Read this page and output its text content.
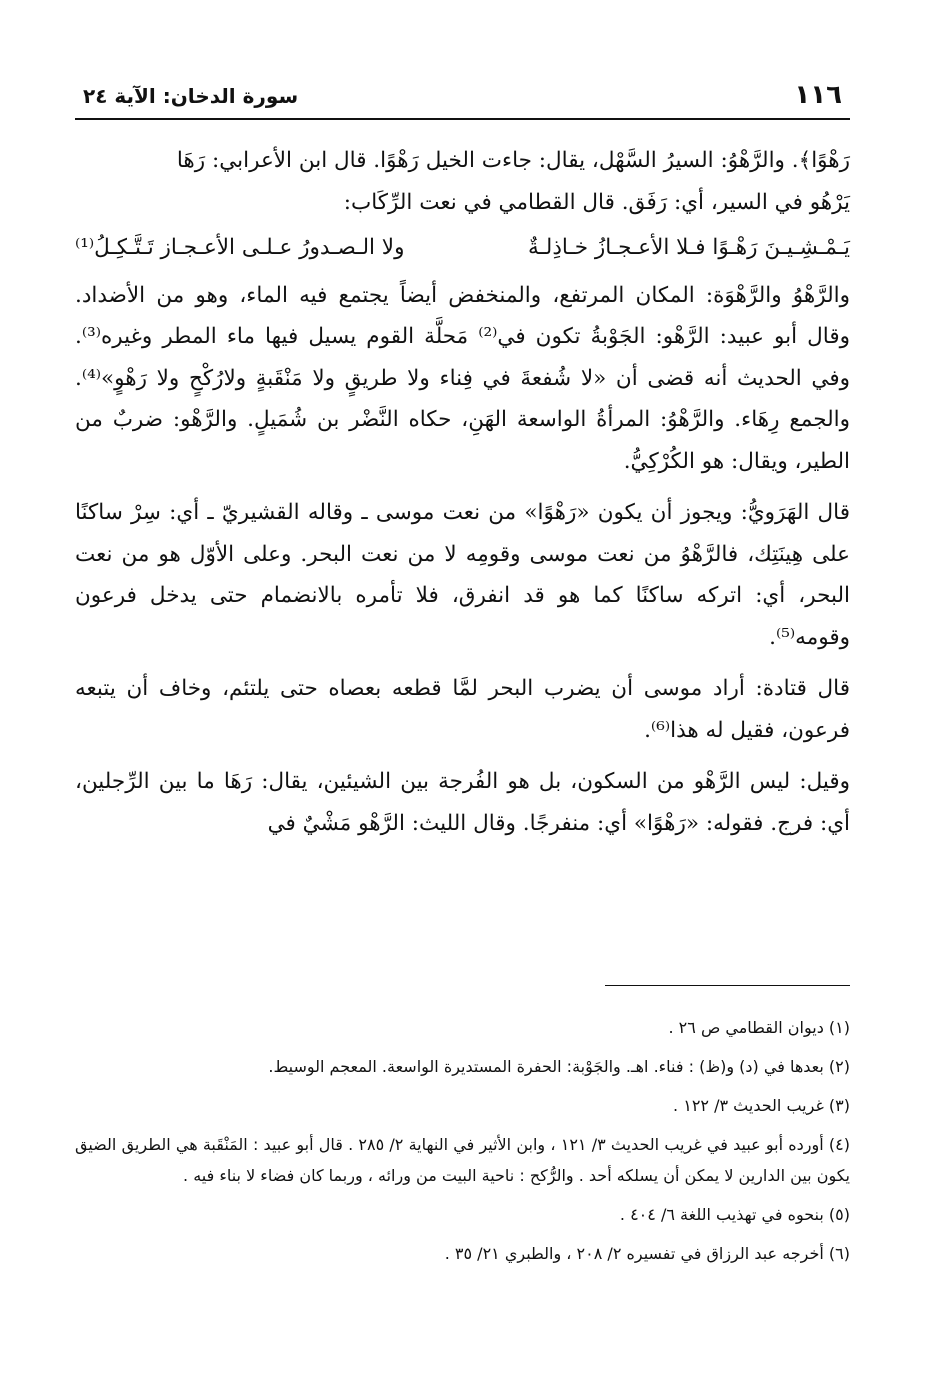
١١٦
سورة الدخان: الآية ٢٤

رَهْوًا﴾. والرَّهْوُ: السيرُ السَّهْل، يقال: جاءت الخيل رَهْوًا. قال ابن الأعرابي: رَهَا

يَرْهُو في السير، أي: رَفَق. قال القطامي في نعت الرِّكَاب:

يَـمْـشِـيـنَ رَهْـوًا فـلا الأعـجـازُ خـاذِلـةٌ
ولا الـصـدورُ عـلـى الأعـجـاز تَـتَّـكِـلُ⁽¹⁾

والرَّهْوُ والرَّهْوَة: المكان المرتفع، والمنخفض أيضاً يجتمع فيه الماء، وهو من الأضداد. وقال أبو عبيد: الرَّهْو: الجَوْبةُ تكون في⁽²⁾ مَحلَّة القوم يسيل فيها ماء المطر وغيره⁽³⁾. وفي الحديث أنه قضى أن «لا شُفعةَ في فِناء ولا طريقٍ ولا مَنْقَبةٍ ولارُكْحٍ ولا رَهْوٍ»⁽⁴⁾. والجمع رِهَاء. والرَّهْوُ: المرأةُ الواسعة الهَنِ، حكاه النَّضْر بن شُمَيلٍ. والرَّهْو: ضربٌ من الطير، ويقال: هو الكُرْكِيُّ.

قال الهَرَويُّ: ويجوز أن يكون «رَهْوًا» من نعت موسى ـ وقاله القشيريّ ـ أي: سِرْ ساكنًا على هِينَتِك، فالرَّهْوُ من نعت موسى وقومِه لا من نعت البحر. وعلى الأوّل هو من نعت البحر، أي: اتركه ساكنًا كما هو قد انفرق، فلا تأمره بالانضمام حتى يدخل فرعون وقومه⁽⁵⁾.

قال قتادة: أراد موسى أن يضرب البحر لمَّا قطعه بعصاه حتى يلتئم، وخاف أن يتبعه فرعون، فقيل له هذا⁽⁶⁾.

وقيل: ليس الرَّهْو من السكون، بل هو الفُرجة بين الشيئين، يقال: رَهَا ما بين الرِّجلين، أي: فرج. فقوله: «رَهْوًا» أي: منفرجًا. وقال الليث: الرَّهْو مَشْيٌ في

(١) ديوان القطامي ص ٢٦ .

(٢) بعدها في (د) و(ظ) : فناء. اهـ. والجَوْبة: الحفرة المستديرة الواسعة. المعجم الوسيط.

(٣) غريب الحديث ٣/ ١٢٢ .

(٤) أورده أبو عبيد في غريب الحديث ٣/ ١٢١ ، وابن الأثير في النهاية ٢/ ٢٨٥ . قال أبو عبيد : المَنْقَبة هي الطريق الضيق يكون بين الدارين لا يمكن أن يسلكه أحد . والرُّكح : ناحية البيت من ورائه ، وربما كان فضاء لا بناء فيه .

(٥) بنحوه في تهذيب اللغة ٦/ ٤٠٤ .

(٦) أخرجه عبد الرزاق في تفسيره ٢/ ٢٠٨ ، والطبري ٢١/ ٣٥ .
